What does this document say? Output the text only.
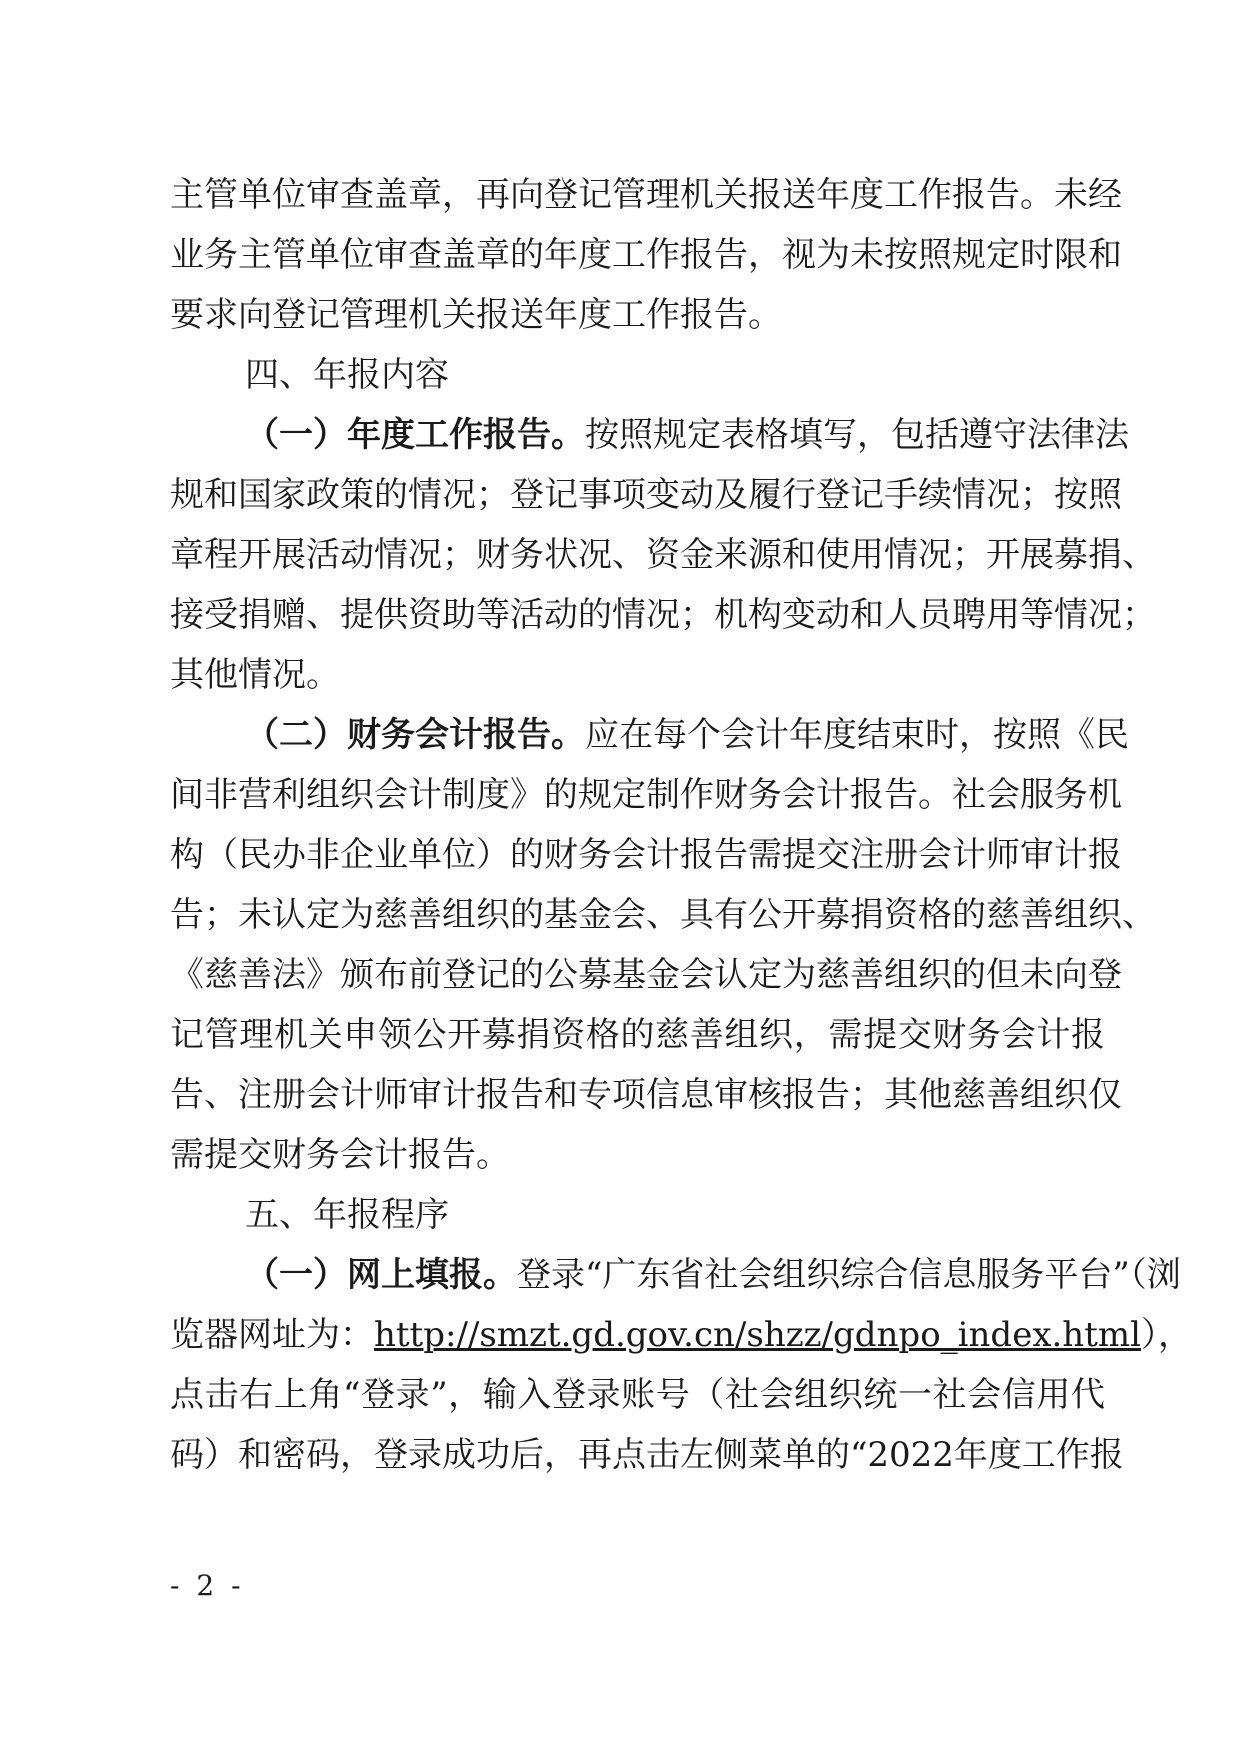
主管单位审查盖章，再向登记管理机关报送年度工作报告。未经
业务主管单位审查盖章的年度工作报告，视为未按照规定时限和
要求向登记管理机关报送年度工作报告。
四、年报内容
（一）年度工作报告。按照规定表格填写，包括遵守法律法
规和国家政策的情况；登记事项变动及履行登记手续情况；按照
章程开展活动情况；财务状况、资金来源和使用情况；开展募捐、
接受捐赠、提供资助等活动的情况；机构变动和人员聘用等情况；
其他情况。
（二）财务会计报告。应在每个会计年度结束时，按照《民
间非营利组织会计制度》的规定制作财务会计报告。社会服务机
构（民办非企业单位）的财务会计报告需提交注册会计师审计报
告；未认定为慈善组织的基金会、具有公开募捐资格的慈善组织、
《慈善法》颁布前登记的公募基金会认定为慈善组织的但未向登
记管理机关申领公开募捐资格的慈善组织，需提交财务会计报
告、注册会计师审计报告和专项信息审核报告；其他慈善组织仅
需提交财务会计报告。
五、年报程序
（一）网上填报。登录“广东省社会组织综合信息服务平台”（浏
览器网址为：http://smzt.gd.gov.cn/shzz/gdnpo_index.html），
点击右上角“登录”，输入登录账号（社会组织统一社会信用代
码）和密码，登录成功后，再点击左侧菜单的“2022年度工作报
- 2 -
